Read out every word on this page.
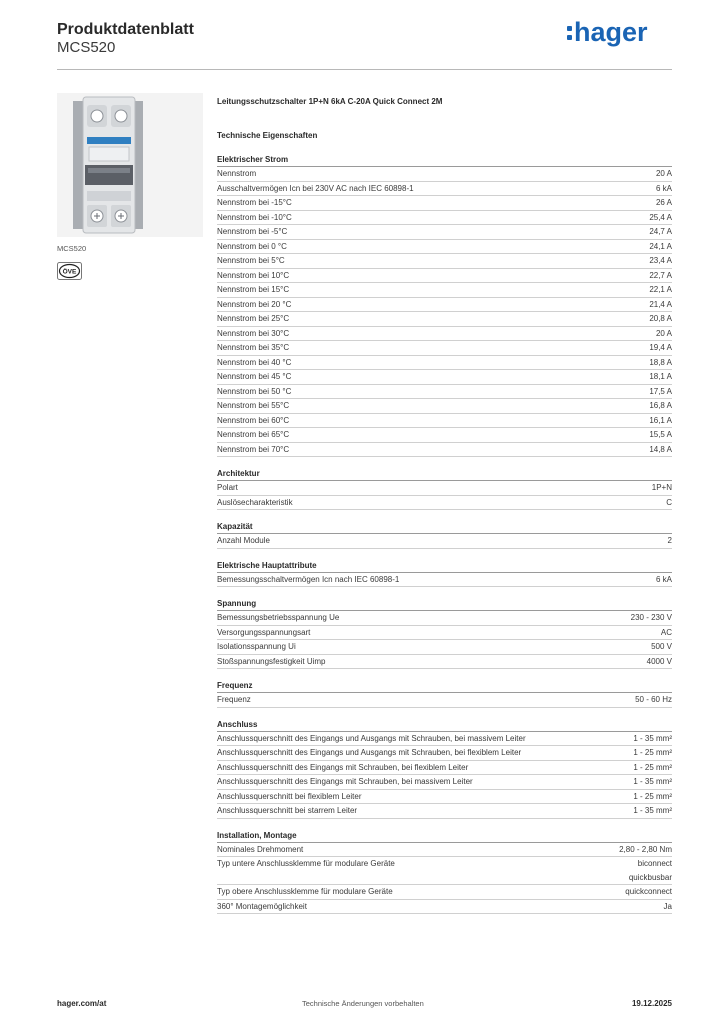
Produktdatenblatt
MCS520
hager
MCS520
ÖVE
Leitungsschutzschalter 1P+N 6kA C-20A Quick Connect 2M
Technische Eigenschaften
Elektrischer Strom
Nennstrom	20 A
Ausschaltvermögen Icn bei 230V AC nach IEC 60898-1	6 kA
Nennstrom bei -15°C	26 A
Nennstrom bei -10°C	25,4 A
Nennstrom bei -5°C	24,7 A
Nennstrom bei 0 °C	24,1 A
Nennstrom bei 5°C	23,4 A
Nennstrom bei 10°C	22,7 A
Nennstrom bei 15°C	22,1 A
Nennstrom bei 20 °C	21,4 A
Nennstrom bei 25°C	20,8 A
Nennstrom bei 30°C	20 A
Nennstrom bei 35°C	19,4 A
Nennstrom bei 40 °C	18,8 A
Nennstrom bei 45 °C	18,1 A
Nennstrom bei 50 °C	17,5 A
Nennstrom bei 55°C	16,8 A
Nennstrom bei 60°C	16,1 A
Nennstrom bei 65°C	15,5 A
Nennstrom bei 70°C	14,8 A
Architektur
Polart	1P+N
Auslösecharakteristik	C
Kapazität
Anzahl Module	2
Elektrische Hauptattribute
Bemessungsschaltvermögen Icn nach IEC 60898-1	6 kA
Spannung
Bemessungsbetriebsspannung Ue	230 - 230 V
Versorgungsspannungsart	AC
Isolationsspannung Ui	500 V
Stoßspannungsfestigkeit Uimp	4000 V
Frequenz
Frequenz	50 - 60 Hz
Anschluss
Anschlussquerschnitt des Eingangs und Ausgangs mit Schrauben, bei massivem Leiter	1 - 35 mm²
Anschlussquerschnitt des Eingangs und Ausgangs mit Schrauben, bei flexiblem Leiter	1 - 25 mm²
Anschlussquerschnitt des Eingangs mit Schrauben, bei flexiblem Leiter	1 - 25 mm²
Anschlussquerschnitt des Eingangs mit Schrauben, bei massivem Leiter	1 - 35 mm²
Anschlussquerschnitt bei flexiblem Leiter	1 - 25 mm²
Anschlussquerschnitt bei starrem Leiter	1 - 35 mm²
Installation, Montage
Nominales Drehmoment	2,80 - 2,80 Nm
Typ untere Anschlussklemme für modulare Geräte	biconnect
quickbusbar
Typ obere Anschlussklemme für modulare Geräte	quickconnect
360° Montagemöglichkeit	Ja
hager.com/at	Technische Änderungen vorbehalten	19.12.2025
